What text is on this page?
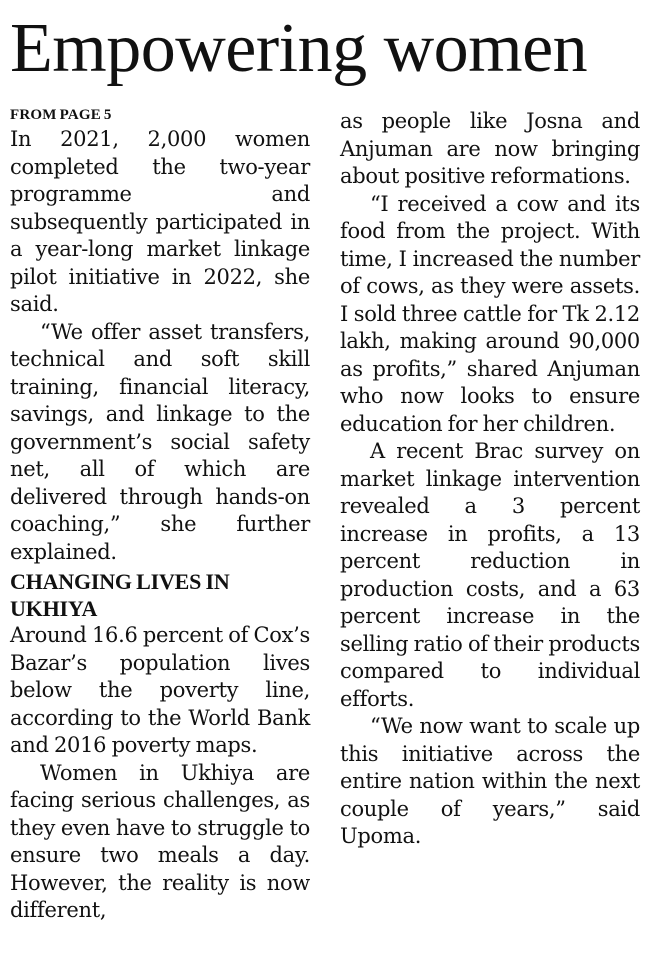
Empowering women

FROM PAGE 5

In 2021, 2,000 women completed the two-year programme and subsequently participated in a year-long market linkage pilot initiative in 2022, she said.

“We offer asset transfers, technical and soft skill training, financial literacy, savings, and linkage to the government’s social safety net, all of which are delivered through hands-on coaching,” she further explained.

CHANGING LIVES IN UKHIYA

Around 16.6 percent of Cox’s Bazar’s population lives below the poverty line, according to the World Bank and 2016 poverty maps.

Women in Ukhiya are facing serious challenges, as they even have to struggle to ensure two meals a day. However, the reality is now different,

as people like Josna and Anjuman are now bringing about positive reformations.

“I received a cow and its food from the project. With time, I increased the number of cows, as they were assets. I sold three cattle for Tk 2.12 lakh, making around 90,000 as profits,” shared Anjuman who now looks to ensure education for her children.

A recent Brac survey on market linkage intervention revealed a 3 percent increase in profits, a 13 percent reduction in production costs, and a 63 percent increase in the selling ratio of their products compared to individual efforts.

“We now want to scale up this initiative across the entire nation within the next couple of years,” said Upoma.
